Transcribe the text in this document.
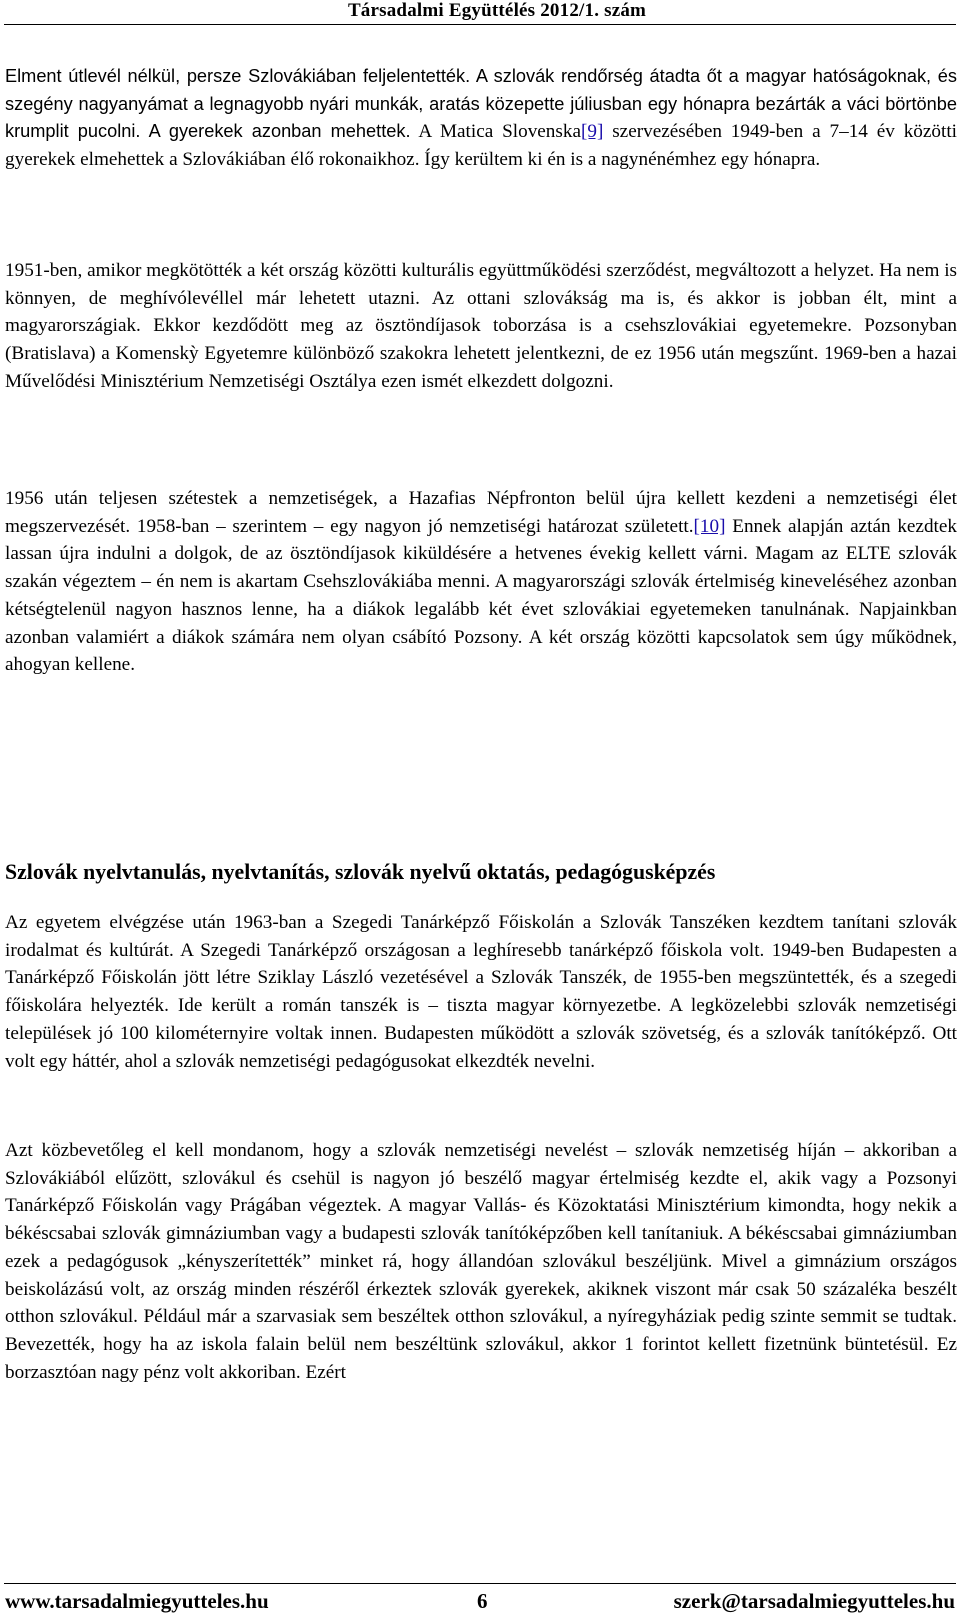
Társadalmi Együttélés 2012/1. szám

Elment útlevél nélkül, persze Szlovákiában feljelentették. A szlovák rendőrség átadta őt a magyar hatóságoknak, és szegény nagyanyámat a legnagyobb nyári munkák, aratás közepette júliusban egy hónapra bezárták a váci börtönbe krumplit pucolni. A gyerekek azonban mehettek. A Matica Slovenska[9] szervezésében 1949-ben a 7–14 év közötti gyerekek elmehettek a Szlovákiában élő rokonaikhoz. Így kerültem ki én is a nagynénémhez egy hónapra.

1951-ben, amikor megkötötték a két ország közötti kulturális együttműködési szerződést, megváltozott a helyzet. Ha nem is könnyen, de meghívólevéllel már lehetett utazni. Az ottani szlovákság ma is, és akkor is jobban élt, mint a magyarországiak. Ekkor kezdődött meg az ösztöndíjasok toborzása is a csehszlovákiai egyetemekre. Pozsonyban (Bratislava) a Komenskỳ Egyetemre különböző szakokra lehetett jelentkezni, de ez 1956 után megszűnt. 1969-ben a hazai Művelődési Minisztérium Nemzetiségi Osztálya ezen ismét elkezdett dolgozni.

1956 után teljesen szétestek a nemzetiségek, a Hazafias Népfronton belül újra kellett kezdeni a nemzetiségi élet megszervezését. 1958-ban – szerintem – egy nagyon jó nemzetiségi határozat született.[10] Ennek alapján aztán kezdtek lassan újra indulni a dolgok, de az ösztöndíjasok kiküldésére a hetvenes évekig kellett várni. Magam az ELTE szlovák szakán végeztem – én nem is akartam Csehszlovákiába menni. A magyarországi szlovák értelmiség kineveléséhez azonban kétségtelenül nagyon hasznos lenne, ha a diákok legalább két évet szlovákiai egyetemeken tanulnának. Napjainkban azonban valamiért a diákok számára nem olyan csábító Pozsony. A két ország közötti kapcsolatok sem úgy működnek, ahogyan kellene.

Szlovák nyelvtanulás, nyelvtanítás, szlovák nyelvű oktatás, pedagógusképzés

Az egyetem elvégzése után 1963-ban a Szegedi Tanárképző Főiskolán a Szlovák Tanszéken kezdtem tanítani szlovák irodalmat és kultúrát. A Szegedi Tanárképző országosan a leghíresebb tanárképző főiskola volt. 1949-ben Budapesten a Tanárképző Főiskolán jött létre Sziklay László vezetésével a Szlovák Tanszék, de 1955-ben megszüntették, és a szegedi főiskolára helyezték. Ide került a román tanszék is – tiszta magyar környezetbe. A legközelebbi szlovák nemzetiségi települések jó 100 kilométernyire voltak innen. Budapesten működött a szlovák szövetség, és a szlovák tanítóképző. Ott volt egy háttér, ahol a szlovák nemzetiségi pedagógusokat elkezdték nevelni.

Azt közbevetőleg el kell mondanom, hogy a szlovák nemzetiségi nevelést – szlovák nemzetiség híján – akkoriban a Szlovákiából elűzött, szlovákul és csehül is nagyon jó beszélő magyar értelmiség kezdte el, akik vagy a Pozsonyi Tanárképző Főiskolán vagy Prágában végeztek. A magyar Vallás- és Közoktatási Minisztérium kimondta, hogy nekik a békéscsabai szlovák gimnáziumban vagy a budapesti szlovák tanítóképzőben kell tanítaniuk. A békéscsabai gimnáziumban ezek a pedagógusok „kényszerítették” minket rá, hogy állandóan szlovákul beszéljünk. Mivel a gimnázium országos beiskolázású volt, az ország minden részéről érkeztek szlovák gyerekek, akiknek viszont már csak 50 százaléka beszélt otthon szlovákul. Például már a szarvasiak sem beszéltek otthon szlovákul, a nyíregyháziak pedig szinte semmit se tudtak. Bevezették, hogy ha az iskola falain belül nem beszéltünk szlovákul, akkor 1 forintot kellett fizetnünk büntetésül. Ez borzasztóan nagy pénz volt akkoriban. Ezért

www.tarsadalmiegyutteles.hu	6	szerk@tarsadalmiegyutteles.hu
